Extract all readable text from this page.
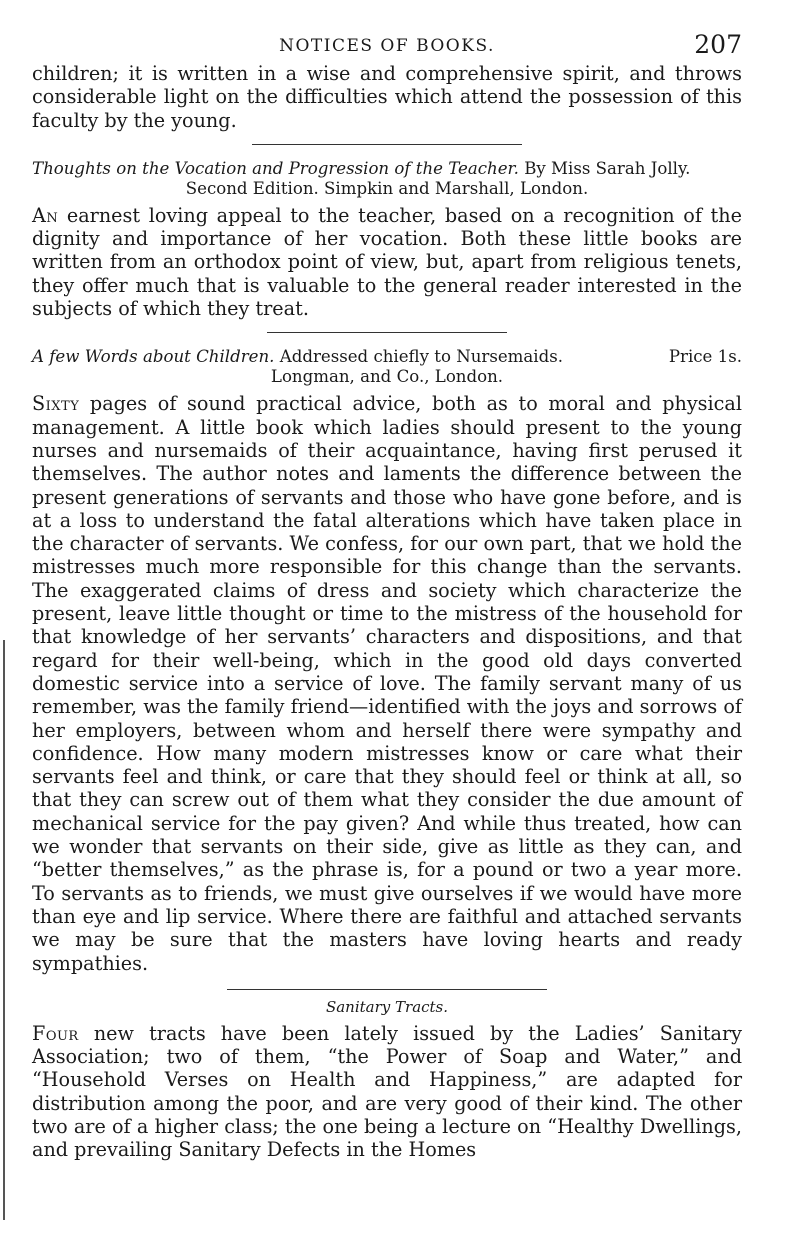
NOTICES OF BOOKS.	207

children; it is written in a wise and comprehensive spirit, and throws considerable light on the difficulties which attend the possession of this faculty by the young.

Thoughts on the Vocation and Progression of the Teacher. By Miss Sarah Jolly.
Second Edition. Simpkin and Marshall, London.

An earnest loving appeal to the teacher, based on a recognition of the dignity and importance of her vocation. Both these little books are written from an orthodox point of view, but, apart from religious tenets, they offer much that is valuable to the general reader interested in the subjects of which they treat.

A few Words about Children. Addressed chiefly to Nursemaids.	Price 1s.
Longman, and Co., London.

Sixty pages of sound practical advice, both as to moral and physical management. A little book which ladies should present to the young nurses and nursemaids of their acquaintance, having first perused it themselves. The author notes and laments the difference between the present generations of servants and those who have gone before, and is at a loss to understand the fatal alterations which have taken place in the character of servants. We confess, for our own part, that we hold the mistresses much more responsible for this change than the servants. The exaggerated claims of dress and society which characterize the present, leave little thought or time to the mistress of the household for that knowledge of her servants’ characters and dispositions, and that regard for their well-being, which in the good old days converted domestic service into a service of love. The family servant many of us remember, was the family friend—identified with the joys and sorrows of her employers, between whom and herself there were sympathy and confidence. How many modern mistresses know or care what their servants feel and think, or care that they should feel or think at all, so that they can screw out of them what they consider the due amount of mechanical service for the pay given? And while thus treated, how can we wonder that servants on their side, give as little as they can, and “better themselves,” as the phrase is, for a pound or two a year more. To servants as to friends, we must give ourselves if we would have more than eye and lip service. Where there are faithful and attached servants we may be sure that the masters have loving hearts and ready sympathies.

Sanitary Tracts.

Four new tracts have been lately issued by the Ladies’ Sanitary Association; two of them, “the Power of Soap and Water,” and “Household Verses on Health and Happiness,” are adapted for distribution among the poor, and are very good of their kind. The other two are of a higher class; the one being a lecture on “Healthy Dwellings, and prevailing Sanitary Defects in the Homes
